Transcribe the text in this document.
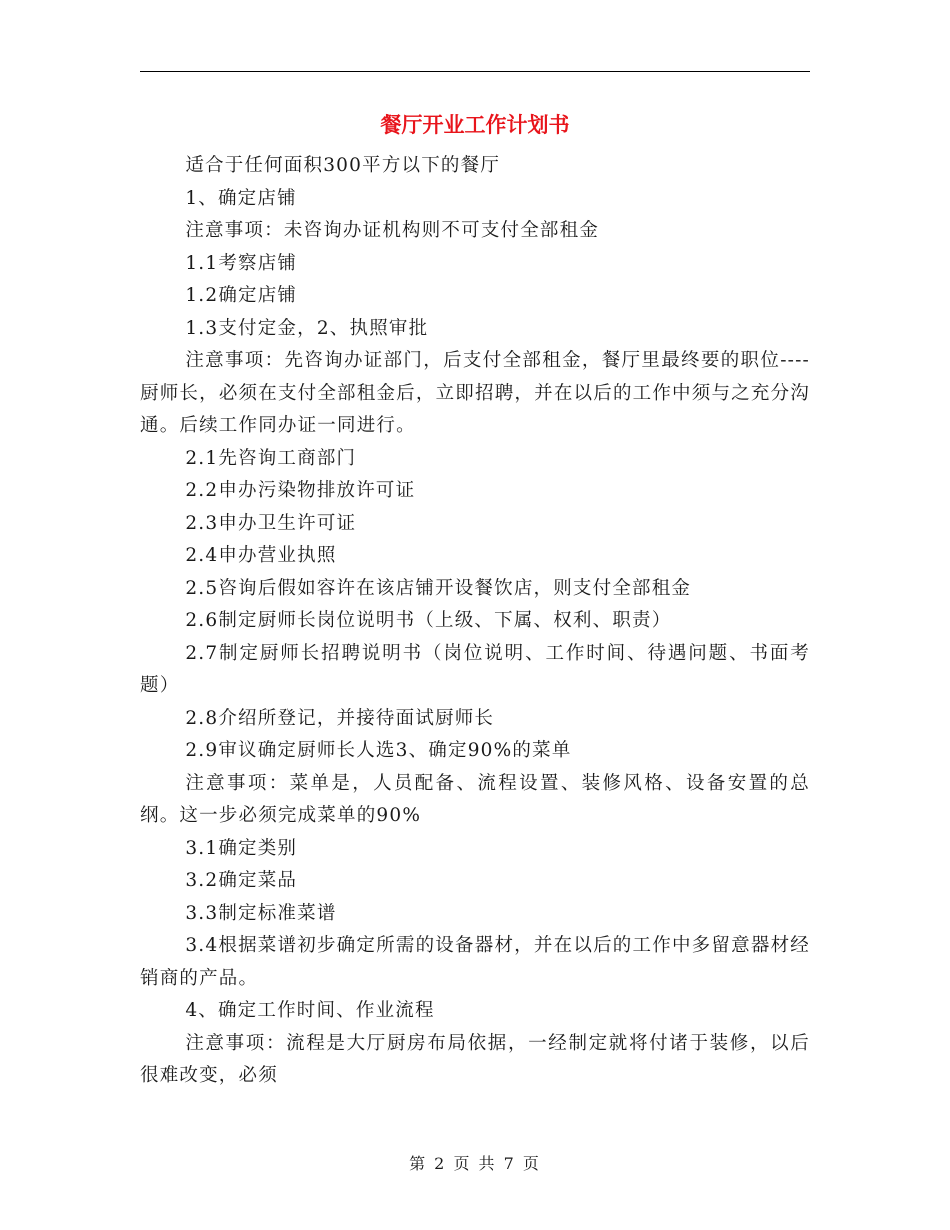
餐厅开业工作计划书

适合于任何面积300平方以下的餐厅

1、确定店铺

注意事项：未咨询办证机构则不可支付全部租金

1.1考察店铺

1.2确定店铺

1.3支付定金，2、执照审批

注意事项：先咨询办证部门，后支付全部租金，餐厅里最终要的职位----厨师长，必须在支付全部租金后，立即招聘，并在以后的工作中须与之充分沟通。后续工作同办证一同进行。

2.1先咨询工商部门

2.2申办污染物排放许可证

2.3申办卫生许可证

2.4申办营业执照

2.5咨询后假如容许在该店铺开设餐饮店，则支付全部租金

2.6制定厨师长岗位说明书（上级、下属、权利、职责）

2.7制定厨师长招聘说明书（岗位说明、工作时间、待遇问题、书面考题）

2.8介绍所登记，并接待面试厨师长

2.9审议确定厨师长人选3、确定90%的菜单

注意事项：菜单是，人员配备、流程设置、装修风格、设备安置的总纲。这一步必须完成菜单的90%

3.1确定类别

3.2确定菜品

3.3制定标准菜谱

3.4根据菜谱初步确定所需的设备器材，并在以后的工作中多留意器材经销商的产品。

4、确定工作时间、作业流程

注意事项：流程是大厅厨房布局依据，一经制定就将付诸于装修，以后很难改变，必须

第 2 页 共 7 页
